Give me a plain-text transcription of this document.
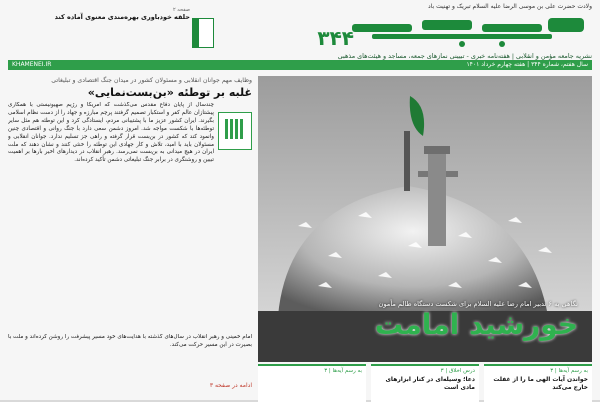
ولادت حضرت علی بن موسی الرضا علیه السلام تبریک و تهنیت باد
۳۴۴
صفحه ۲
حلقه خودباوری بهره‌مندی معنوی آماده کند
نشریه جامعه مؤمن و انقلابی | هفته‌نامه خبری - تبیینی نمازهای جمعه، مساجد و هیئت‌های مذهبی
سال هفتم، شماره ۳۴۴ | هفته چهارم خرداد ۱۴۰۱
KHAMENEI.IR
وظایف مهم جوانان انقلابی و مسئولان کشور در میدان جنگ اقتصادی و تبلیغاتی
غلبه بر توطئه «بن‌بست‌نمایی»
چندسال از پایان دفاع مقدس می‌گذشت که آمریکا و رژیم صهیونیستی با همکاری پیشتازان عالم کفر و استکبار تصمیم گرفتند پرچم مبارزه و جهاد را از دست نظام اسلامی بگیرند. ایران کشور عزیز ما با پشتیبانی مردم، ایستادگی کرد و این توطئه هم مثل سایر توطئه‌ها با شکست مواجه شد. امروز دشمن سعی دارد با جنگ روانی و اقتصادی چنین وانمود کند که کشور در بن‌بست قرار گرفته و راهی جز تسلیم ندارد. جوانان انقلابی و مسئولان باید با امید، تلاش و کار جهادی این توطئه را خنثی کنند و نشان دهند که ملت ایران در هیچ میدانی به بن‌بست نمی‌رسد. رهبر انقلاب در دیدارهای اخیر بارها بر اهمیت تبیین و روشنگری در برابر جنگ تبلیغاتی دشمن تأکید کرده‌اند.
امام خمینی و رهبر انقلاب در سال‌های گذشته با هدایت‌های خود مسیر پیشرفت را روشن کرده‌اند و ملت با بصیرت در این مسیر حرکت می‌کند.
ادامه در صفحه ۳
نگاهی به ۶ تدبیر امام رضا علیه السلام برای شکست دستگاه ظالم مأمون
خورشید امامت
به رسم آیه‌ها | ۳
خواندن آیات الهی ما را از غفلت خارج می‌کند
درس اخلاق | ۳
دعا؛ وسیله‌ای در کنار ابزارهای مادی است
به رسم آیه‌ها | ۳
